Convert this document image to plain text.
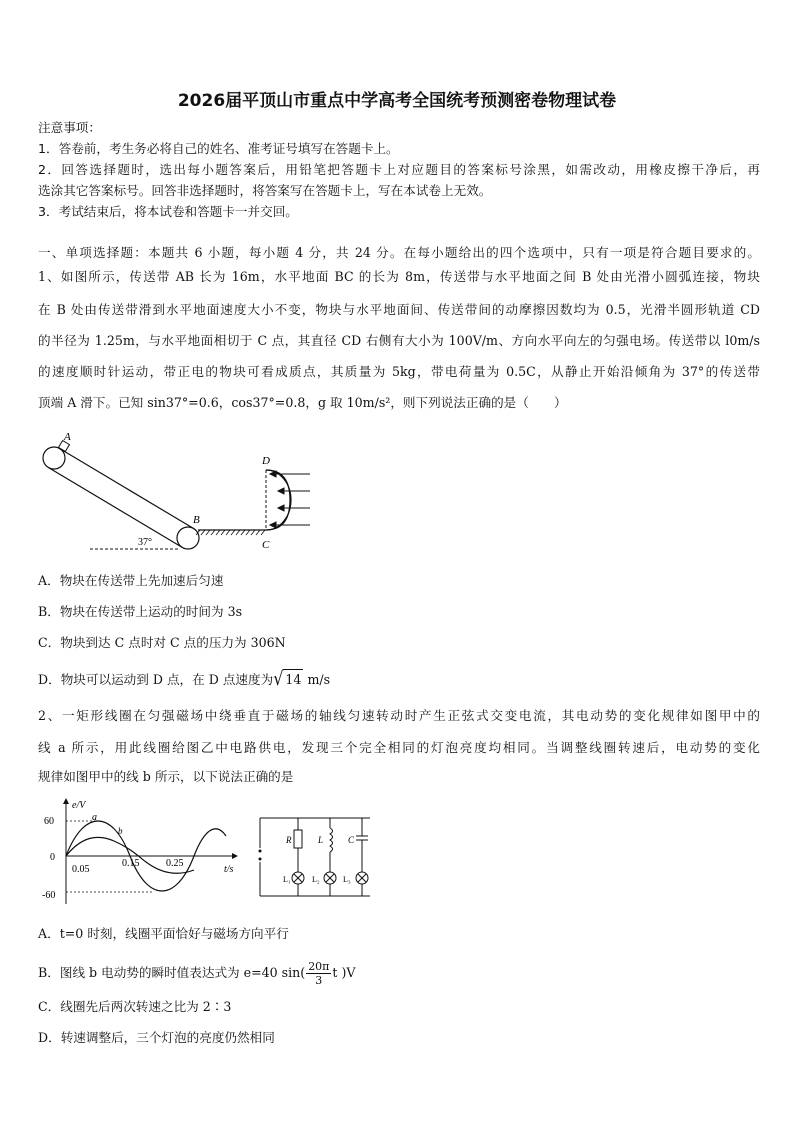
2026届平顶山市重点中学高考全国统考预测密卷物理试卷
注意事项：
1．答卷前，考生务必将自己的姓名、准考证号填写在答题卡上。
2．回答选择题时，选出每小题答案后，用铅笔把答题卡上对应题目的答案标号涂黑，如需改动，用橡皮擦干净后，再
选涂其它答案标号。回答非选择题时，将答案写在答题卡上，写在本试卷上无效。
3．考试结束后，将本试卷和答题卡一并交回。
一、单项选择题：本题共 6 小题，每小题 4 分，共 24 分。在每小题给出的四个选项中，只有一项是符合题目要求的。
1、如图所示，传送带 AB 长为 16m，水平地面 BC 的长为 8m，传送带与水平地面之间 B 处由光滑小圆弧连接，物块
在 B 处由传送带滑到水平地面速度大小不变，物块与水平地面间、传送带间的动摩擦因数均为 0.5，光滑半圆形轨道 CD
的半径为 1.25m，与水平地面相切于 C 点，其直径 CD 右侧有大小为 100V/m、方向水平向左的匀强电场。传送带以 l0m/s
的速度顺时针运动，带正电的物块可看成质点，其质量为 5kg，带电荷量为 0.5C，从静止开始沿倾角为 37°的传送带
顶端 A 滑下。已知 sin37°=0.6，cos37°=0.8，g 取 10m/s²，则下列说法正确的是（　　）
A
37°
B
D
C
A．物块在传送带上先加速后匀速
B．物块在传送带上运动的时间为 3s
C．物块到达 C 点时对 C 点的压力为 306N
D．物块可以运动到 D 点，在 D 点速度为√ 14 m/s
2、一矩形线圈在匀强磁场中绕垂直于磁场的轴线匀速转动时产生正弦式交变电流，其电动势的变化规律如图甲中的
线 a 所示，用此线圈给图乙中电路供电，发现三个完全相同的灯泡亮度均相同。当调整线圈转速后，电动势的变化
规律如图甲中的线 b 所示，以下说法正确的是
e/V
t/s
60
0
-60
0.05
0.15	0.25
a
b
R	L	C
L₁	L₂	L₃
A．t=0 时刻，线圈平面恰好与磁场方向平行
B．图线 b 电动势的瞬时值表达式为 e=40 $\sin( \frac{20\pi}{3}$ t )V
C．线圈先后两次转速之比为 2∶3
D．转速调整后，三个灯泡的亮度仍然相同
